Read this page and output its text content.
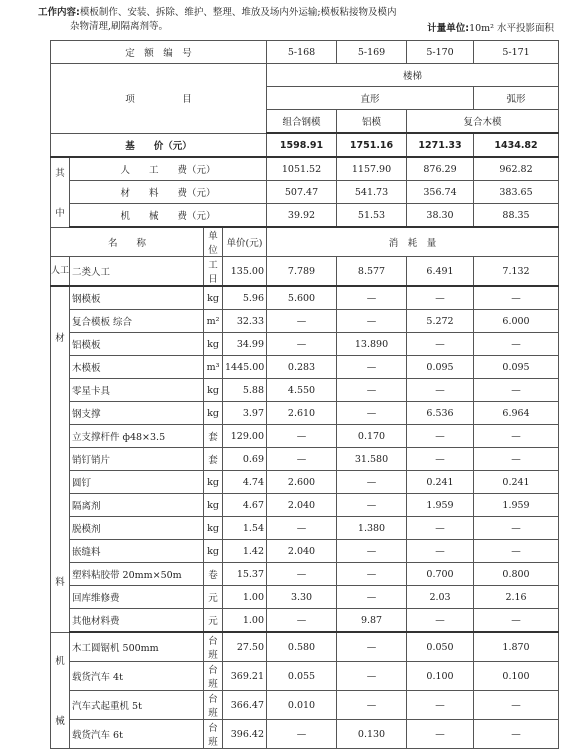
工作内容:模板制作、安装、拆除、维护、整理、堆放及场内外运输;模板粘接物及模内
杂物清理,刷隔离剂等。	计量单位:10m² 水平投影面积
定　额　编　号				5-168	5-169	5-170	5-171
项　　　　　目				楼梯			
				直形			弧形
				组合钢模	铝模	复合木模	
基　　价（元）				1598.91	1751.16	1271.33	1434.82

其
中	人　　工　　费（元）			1051.52	1157.90	876.29	962.82
	材　　料　　费（元）			507.47	541.73	356.74	383.65
	机　　械　　费（元）			39.92	51.53	38.30	88.35
名　　称		单位	单价(元)	消　耗　量			
人工	二类人工	工日	135.00	7.789	8.577	6.491	7.132

材
料	钢模板	kg	5.96	5.600	—	—	—
	复合模板 综合	m²	32.33	—	—	5.272	6.000
	铝模板	kg	34.99	—	13.890	—	—
	木模板	m³	1445.00	0.283	—	0.095	0.095
	零星卡具	kg	5.88	4.550	—	—	—
	钢支撑	kg	3.97	2.610	—	6.536	6.964
	立支撑杆件 ф48×3.5	套	129.00	—	0.170	—	—
	销钉销片	套	0.69	—	31.580	—	—
	圆钉	kg	4.74	2.600	—	0.241	0.241
	隔离剂	kg	4.67	2.040	—	1.959	1.959
	脱模剂	kg	1.54	—	1.380	—	—
	嵌缝料	kg	1.42	2.040	—	—	—
	塑料粘胶带 20mm×50m	卷	15.37	—	—	0.700	0.800
	回库维修费	元	1.00	3.30	—	2.03	2.16
	其他材料费	元	1.00	—	9.87	—	—

机
械	木工圆锯机 500mm	台班	27.50	0.580	—	0.050	1.870
	载货汽车 4t	台班	369.21	0.055	—	0.100	0.100
	汽车式起重机 5t	台班	366.47	0.010	—	—	—
	载货汽车 6t	台班	396.42	—	0.130	—	—
